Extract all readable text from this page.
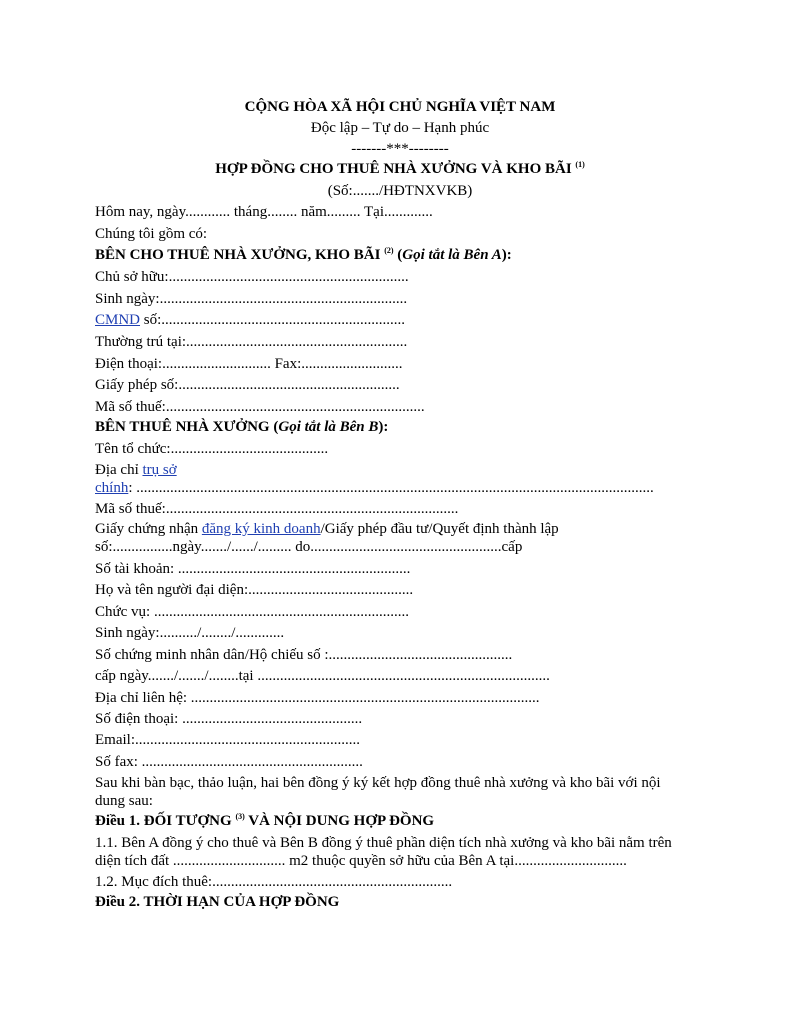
CỘNG HÒA XÃ HỘI CHỦ NGHĨA VIỆT NAM

Độc lập – Tự do – Hạnh phúc

-------***--------

HỢP ĐỒNG CHO THUÊ NHÀ XƯỞNG VÀ KHO BÃI $^{(1)}$

(Số:......./HĐTNXVKB)

Hôm nay, ngày............ tháng........ năm......... Tại.............

Chúng tôi gồm có:

BÊN CHO THUÊ NHÀ XƯỞNG, KHO BÃI $^{(2)}$ (Gọi tắt là Bên A):

Chủ sở hữu:................................................................

Sinh ngày:..................................................................

CMND số:.................................................................

Thường trú tại:...........................................................

Điện thoại:............................. Fax:...........................

Giấy phép số:...........................................................

Mã số thuế:.....................................................................

BÊN THUÊ NHÀ XƯỞNG (Gọi tắt là Bên B):

Tên tổ chức:..........................................

Địa chỉ trụ sở

chính: ..........................................................................................................................................

Mã số thuế:..............................................................................

Giấy chứng nhận đăng ký kinh doanh/Giấy phép đầu tư/Quyết định thành lập

số:................ngày......./....../......... do...................................................cấp

Số tài khoản: ..............................................................

Họ và tên người đại diện:............................................

Chức vụ: ....................................................................

Sinh ngày:........../......../.............

Số chứng minh nhân dân/Hộ chiếu số :.................................................

cấp ngày......./......./........tại ..............................................................................

Địa chỉ liên hệ: .............................................................................................

Số điện thoại: ................................................

Email:............................................................

Số fax: ...........................................................

Sau khi bàn bạc, thảo luận, hai bên đồng ý ký kết hợp đồng thuê nhà xưởng và kho bãi với nội

dung sau:

Điều 1. ĐỐI TƯỢNG $^{(3)}$ VÀ NỘI DUNG HỢP ĐỒNG

1.1. Bên A đồng ý cho thuê và Bên B đồng ý thuê phần diện tích nhà xưởng và kho bãi nằm trên

diện tích đất .............................. m2 thuộc quyền sở hữu của Bên A tại..............................

1.2. Mục đích thuê:................................................................

Điều 2. THỜI HẠN CỦA HỢP ĐỒNG
